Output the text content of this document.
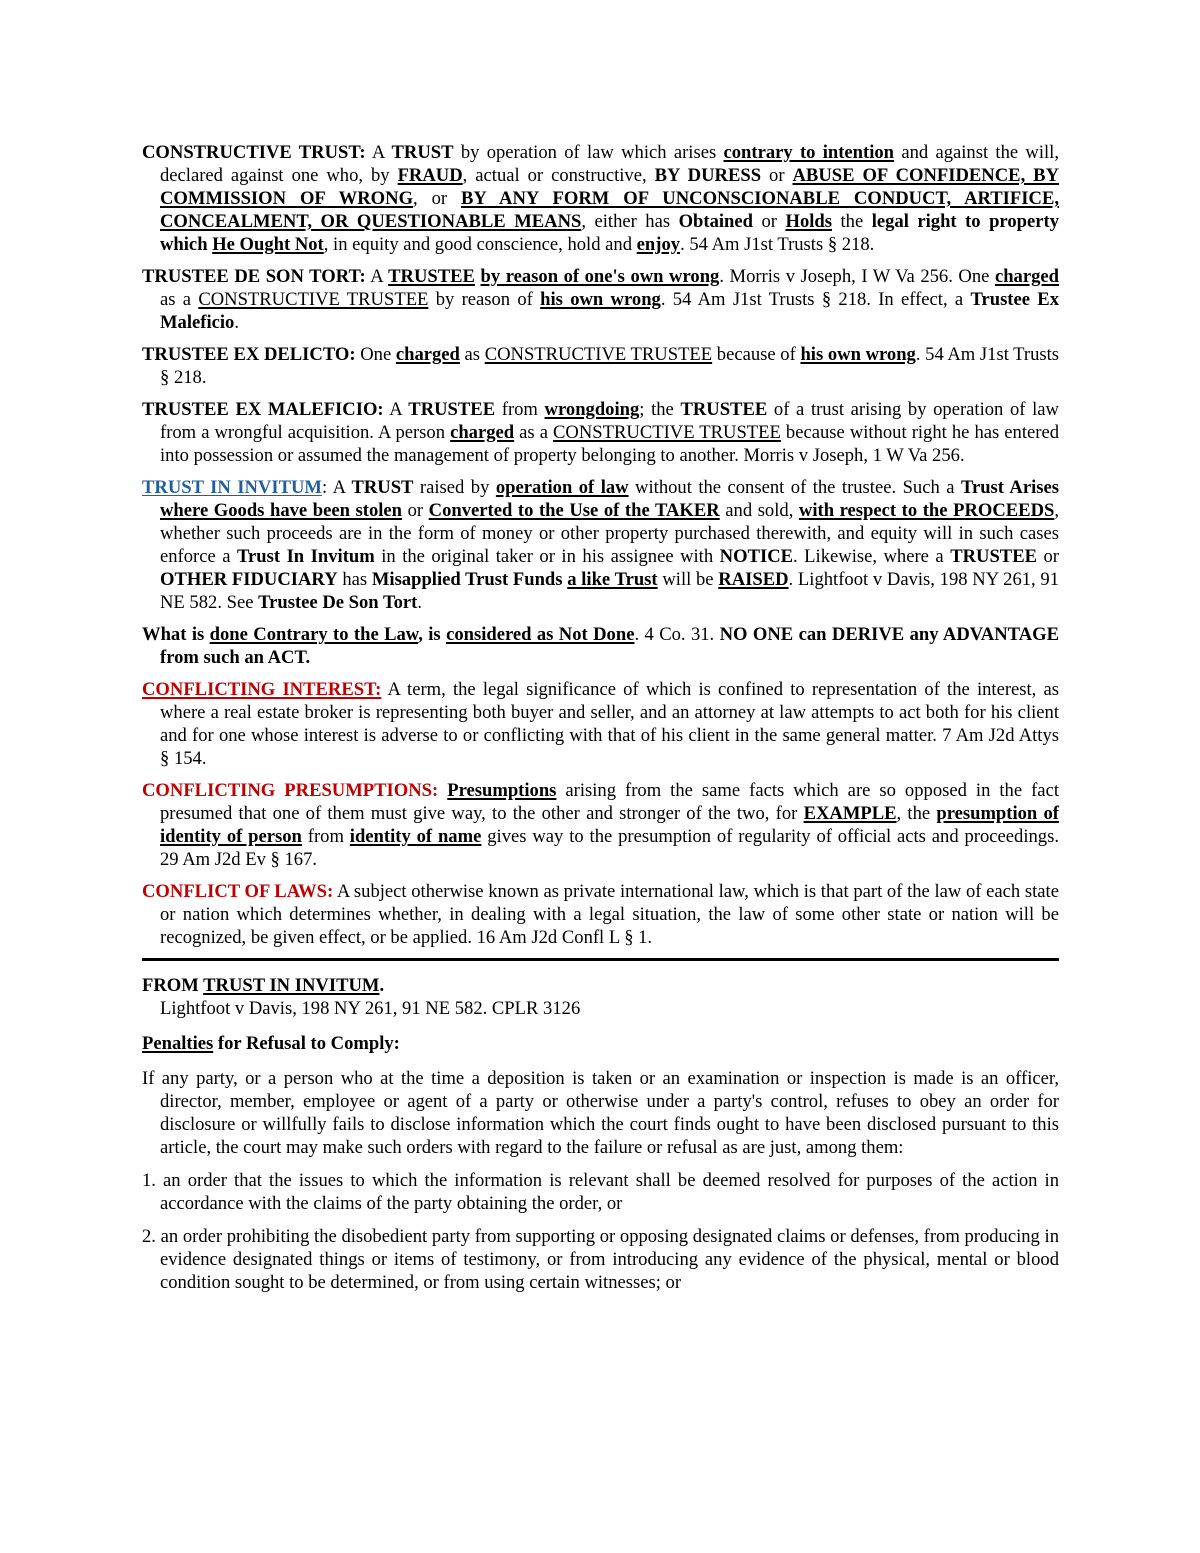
CONSTRUCTIVE TRUST: A TRUST by operation of law which arises contrary to intention and against the will, declared against one who, by FRAUD, actual or constructive, BY DURESS or ABUSE OF CONFIDENCE, BY COMMISSION OF WRONG, or BY ANY FORM OF UNCONSCIONABLE CONDUCT, ARTIFICE, CONCEALMENT, OR QUESTIONABLE MEANS, either has Obtained or Holds the legal right to property which He Ought Not, in equity and good conscience, hold and enjoy. 54 Am J1st Trusts § 218.

TRUSTEE DE SON TORT: A TRUSTEE by reason of one's own wrong. Morris v Joseph, I W Va 256. One charged as a CONSTRUCTIVE TRUSTEE by reason of his own wrong. 54 Am J1st Trusts § 218. In effect, a Trustee Ex Maleficio.

TRUSTEE EX DELICTO: One charged as CONSTRUCTIVE TRUSTEE because of his own wrong. 54 Am J1st Trusts § 218.

TRUSTEE EX MALEFICIO: A TRUSTEE from wrongdoing; the TRUSTEE of a trust arising by operation of law from a wrongful acquisition. A person charged as a CONSTRUCTIVE TRUSTEE because without right he has entered into possession or assumed the management of property belonging to another. Morris v Joseph, 1 W Va 256.

TRUST IN INVITUM: A TRUST raised by operation of law without the consent of the trustee. Such a Trust Arises where Goods have been stolen or Converted to the Use of the TAKER and sold, with respect to the PROCEEDS, whether such proceeds are in the form of money or other property purchased therewith, and equity will in such cases enforce a Trust In Invitum in the original taker or in his assignee with NOTICE. Likewise, where a TRUSTEE or OTHER FIDUCIARY has Misapplied Trust Funds a like Trust will be RAISED. Lightfoot v Davis, 198 NY 261, 91 NE 582. See Trustee De Son Tort.

What is done Contrary to the Law, is considered as Not Done. 4 Co. 31. NO ONE can DERIVE any ADVANTAGE from such an ACT.

CONFLICTING INTEREST: A term, the legal significance of which is confined to representation of the interest, as where a real estate broker is representing both buyer and seller, and an attorney at law attempts to act both for his client and for one whose interest is adverse to or conflicting with that of his client in the same general matter. 7 Am J2d Attys § 154.

CONFLICTING PRESUMPTIONS: Presumptions arising from the same facts which are so opposed in the fact presumed that one of them must give way, to the other and stronger of the two, for EXAMPLE, the presumption of identity of person from identity of name gives way to the presumption of regularity of official acts and proceedings. 29 Am J2d Ev § 167.

CONFLICT OF LAWS: A subject otherwise known as private international law, which is that part of the law of each state or nation which determines whether, in dealing with a legal situation, the law of some other state or nation will be recognized, be given effect, or be applied. 16 Am J2d Confl L § 1.

FROM TRUST IN INVITUM.

Lightfoot v Davis, 198 NY 261, 91 NE 582. CPLR 3126

Penalties for Refusal to Comply:

If any party, or a person who at the time a deposition is taken or an examination or inspection is made is an officer, director, member, employee or agent of a party or otherwise under a party's control, refuses to obey an order for disclosure or willfully fails to disclose information which the court finds ought to have been disclosed pursuant to this article, the court may make such orders with regard to the failure or refusal as are just, among them:

1. an order that the issues to which the information is relevant shall be deemed resolved for purposes of the action in accordance with the claims of the party obtaining the order, or

2. an order prohibiting the disobedient party from supporting or opposing designated claims or defenses, from producing in evidence designated things or items of testimony, or from introducing any evidence of the physical, mental or blood condition sought to be determined, or from using certain witnesses; or
